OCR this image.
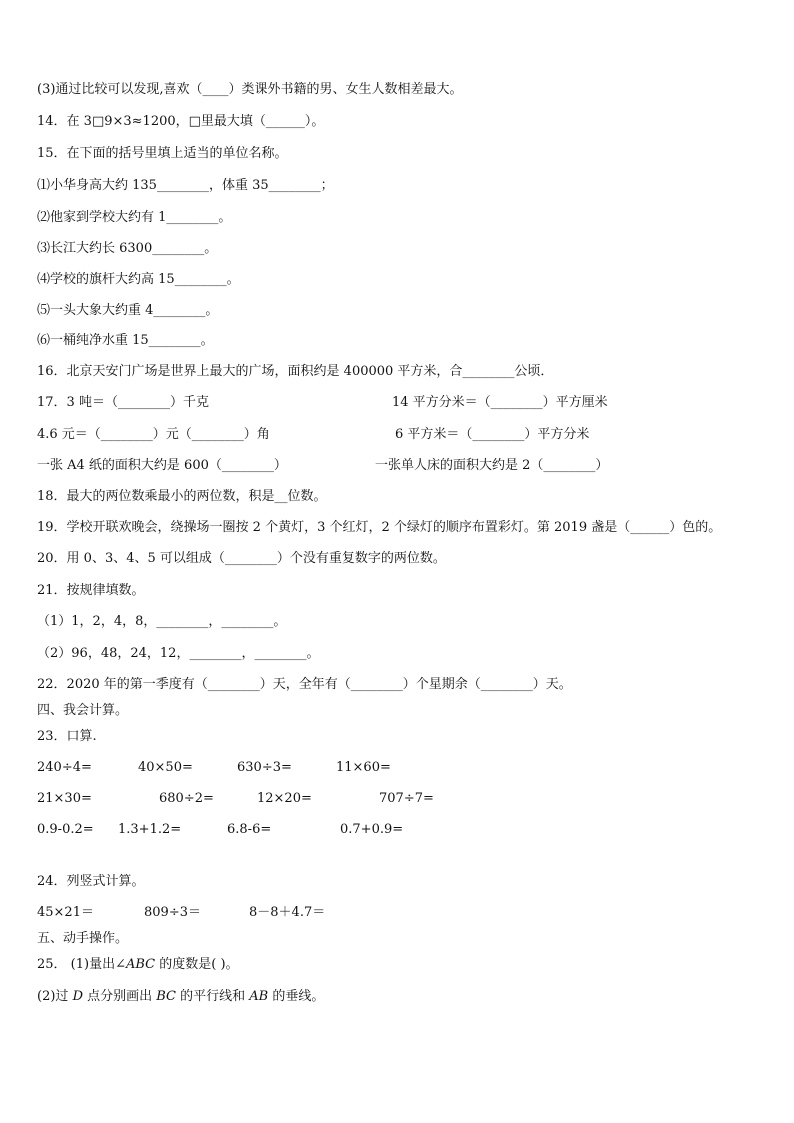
(3)通过比较可以发现,喜欢（____）类课外书籍的男、女生人数相差最大。
14．在 3□9×3≈1200，□里最大填（______）。
15．在下面的括号里填上适当的单位名称。
⑴小华身高大约 135________，体重 35________；
⑵他家到学校大约有 1________。
⑶长江大约长 6300________。
⑷学校的旗杆大约高 15________。
⑸一头大象大约重 4________。
⑹一桶纯净水重 15________。
16．北京天安门广场是世界上最大的广场，面积约是 400000 平方米，合________公顷．
17．3 吨＝（________）千克	14 平方分米＝（________）平方厘米
4.6 元＝（________）元（________）角	6 平方米＝（________）平方分米
一张 A4 纸的面积大约是 600（________）	一张单人床的面积大约是 2（________）
18．最大的两位数乘最小的两位数，积是__位数。
19．学校开联欢晚会，绕操场一圈按 2 个黄灯，3 个红灯，2 个绿灯的顺序布置彩灯。第 2019 盏是（______）色的。
20．用 0、3、4、5 可以组成（________）个没有重复数字的两位数。
21．按规律填数。
（1）1，2，4，8，________，________。
（2）96，48，24，12，________，________。
22．2020 年的第一季度有（________）天，全年有（________）个星期余（________）天。
四、我会计算。
23．口算.
240÷4=	40×50=	630÷3=	11×60=
21×30=	680÷2=	12×20=	707÷7=
0.9-0.2= 1.3+1.2=	6.8-6=	0.7+0.9=
24．列竖式计算。
45×21＝	809÷3＝	8－8＋4.7＝
五、动手操作。
25． (1)量出∠ABC 的度数是( )。
(2)过 D 点分别画出 BC 的平行线和 AB 的垂线。
